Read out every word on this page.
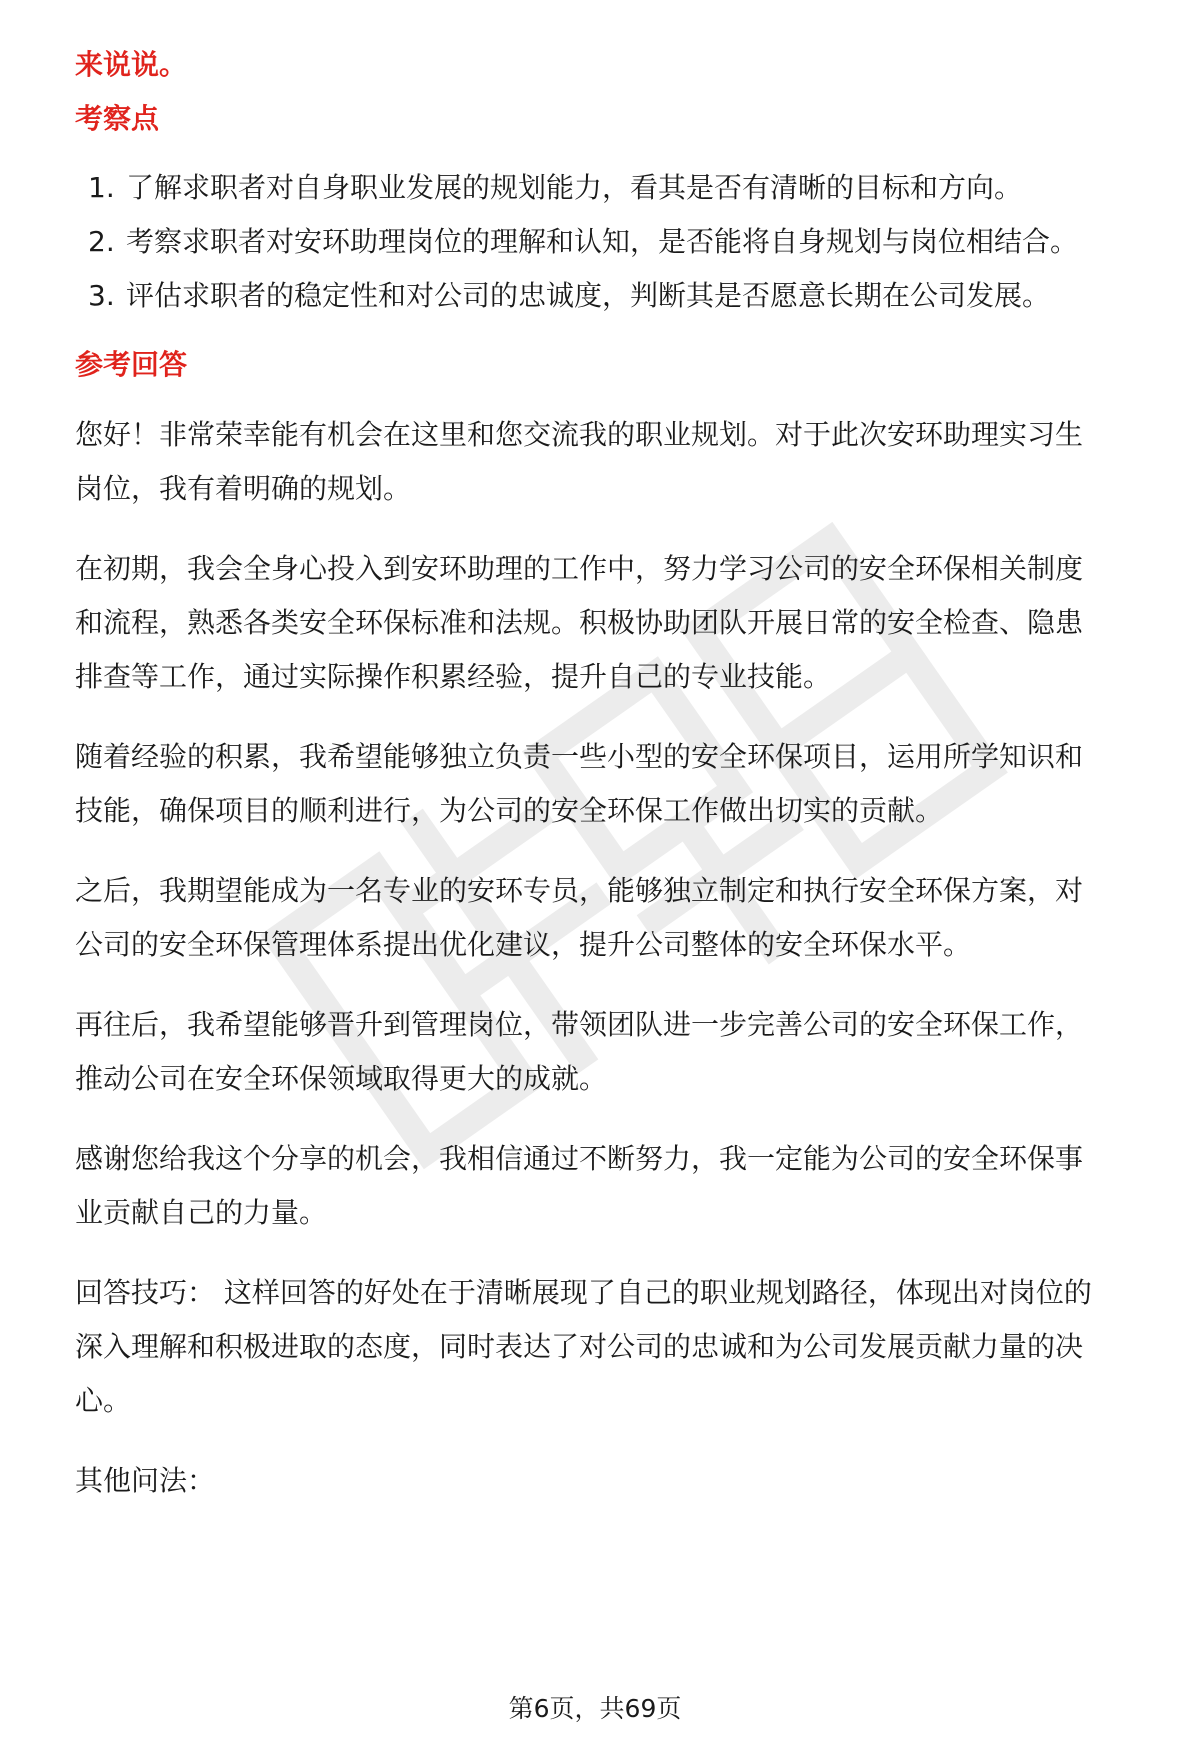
来说说。
考察点
1. 了解求职者对自身职业发展的规划能力，看其是否有清晰的目标和方向。
2. 考察求职者对安环助理岗位的理解和认知，是否能将自身规划与岗位相结合。
3. 评估求职者的稳定性和对公司的忠诚度，判断其是否愿意长期在公司发展。
参考回答
您好！非常荣幸能有机会在这里和您交流我的职业规划。对于此次安环助理实习生
岗位，我有着明确的规划。
在初期，我会全身心投入到安环助理的工作中，努力学习公司的安全环保相关制度
和流程，熟悉各类安全环保标准和法规。积极协助团队开展日常的安全检查、隐患
排查等工作，通过实际操作积累经验，提升自己的专业技能。
随着经验的积累，我希望能够独立负责一些小型的安全环保项目，运用所学知识和
技能，确保项目的顺利进行，为公司的安全环保工作做出切实的贡献。
之后，我期望能成为一名专业的安环专员，能够独立制定和执行安全环保方案，对
公司的安全环保管理体系提出优化建议，提升公司整体的安全环保水平。
再往后，我希望能够晋升到管理岗位，带领团队进一步完善公司的安全环保工作，
推动公司在安全环保领域取得更大的成就。
感谢您给我这个分享的机会，我相信通过不断努力，我一定能为公司的安全环保事
业贡献自己的力量。
回答技巧： 这样回答的好处在于清晰展现了自己的职业规划路径，体现出对岗位的
深入理解和积极进取的态度，同时表达了对公司的忠诚和为公司发展贡献力量的决
心。
其他问法：
第6页，共69页
